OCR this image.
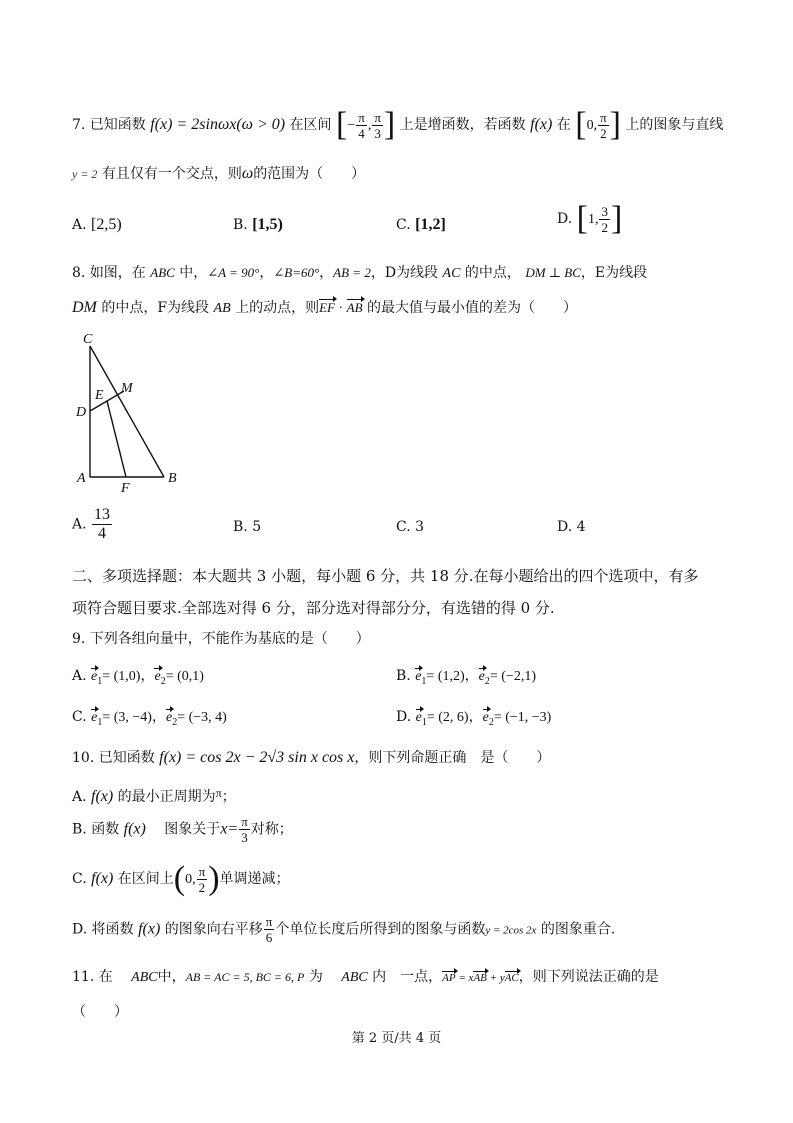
7. 已知函数 f(x) = 2sinωx(ω > 0) 在区间 [− $\frac{\pi}{4}$ , $\frac{\pi}{3}$ ] 上是增函数，若函数 f(x) 在 [0, $\frac{\pi}{2}$ ] 上的图象与直线
y = 2 有且仅有一个交点，则ω的范围为（　　）
A. [2,5)	B. [1,5)	C. [1,2]	D. [1, $\frac{3}{2}$ ]
8. 如图，在 ABC 中，∠A = 90°，∠B=60°，AB = 2，D为线段 AC 的中点， DM ⊥ BC，E为线段
DM 的中点，F为线段 AB 上的动点，则EF · AB 的最大值与最小值的差为（　　）
C
M
E
D
A
F
B
A. $\frac{13}{4}$	B. 5	C. 3	D. 4
二、多项选择题：本大题共 3 小题，每小题 6 分，共 18 分.在每小题给出的四个选项中，有多
项符合题目要求.全部选对得 6 分，部分选对得部分分，有选错的得 0 分.
9. 下列各组向量中，不能作为基底的是（　　）
A. $e_1= (1,0)$，$e_2= (0,1)$	B. $e_1= (1,2)$，$e_2= (-2,1)$
C. $e_1= (3$, −4)，$e_2= (-3$, 4)	D. $e_1= (2$, 6)，$e_2= (-1$, −3)
10. 已知函数 f(x) = cos 2x − 2√3 sin x cos x，则下列命题正确　是（　　）
A. f(x) 的最小正周期为π；
B. 函数 f(x) 　图象关于$x= \frac{\pi}{3}$ 对称；
C. f(x) 在区间上(0, $\frac{\pi}{2}$ )单调递减；
D. 将函数 f(x) 的图象向右平移 $\frac{\pi}{6}$ 个单位长度后所得到的图象与函数y = 2cos 2x 的图象重合.
11. 在　 ABC中，AB = AC = 5, BC = 6, P 为　 ABC 内　一点，AP = xAB + yAC，则下列说法正确的是
（　　）
第 2 页/共 4 页
